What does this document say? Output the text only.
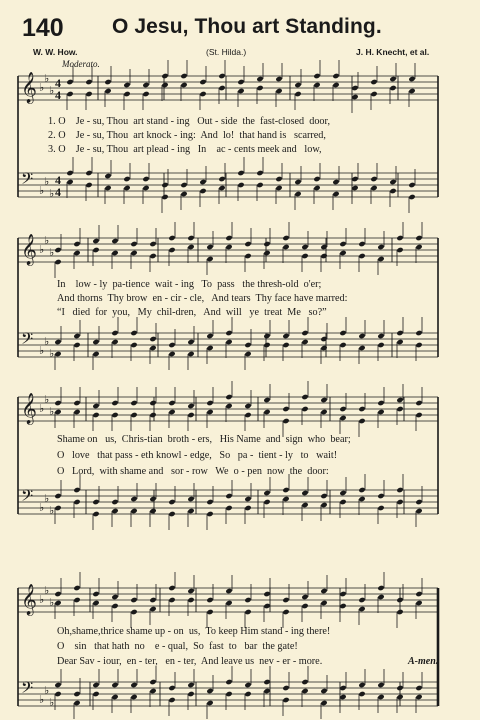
140 O Jesu, Thou art Standing.
W. W. How.	(St. Hilda.)	J. H. Knecht, et al.
Moderato.
𝄞 ♭
♭
♭
4
4
𝄢 ♭
♭
♭
4
4
𝄞 ♭
♭
♭
𝄢 ♭
♭
♭
𝄞 ♭
♭
♭
𝄢 ♭
♭
♭
𝄞 ♭
♭
♭
𝄢 ♭
♭
♭
1. O    Je - su, Thou  art stand - ing   Out - side  the  fast-closed  door,
2. O    Je - su, Thou  art knock - ing:  And  lo!  that hand is   scarred,
3. O    Je - su, Thou  art plead - ing   In    ac - cents meek and   low,
In    low - ly  pa-tience  wait - ing   To  pass   the thresh-old  o'er;
And thorns  Thy brow  en - cir - cle,   And tears  Thy face have marred:
“I   died  for  you,   My  chil-dren,   And  will   ye  treat  Me   so?”
Shame on   us,  Chris-tian  broth - ers,   His Name  and  sign  who  bear;
O   love   that pass - eth knowl - edge,   So   pa -  tient - ly   to   wait!
O   Lord,  with shame and   sor - row   We  o - pen  now  the  door:
Oh,shame,thrice shame up - on  us,  To keep Him stand - ing there!
O    sin   that hath  no    e - qual,  So  fast  to   bar  the gate!
Dear Sav - iour,  en - ter,   en - ter,  And leave us  nev - er - more.	A-men.
